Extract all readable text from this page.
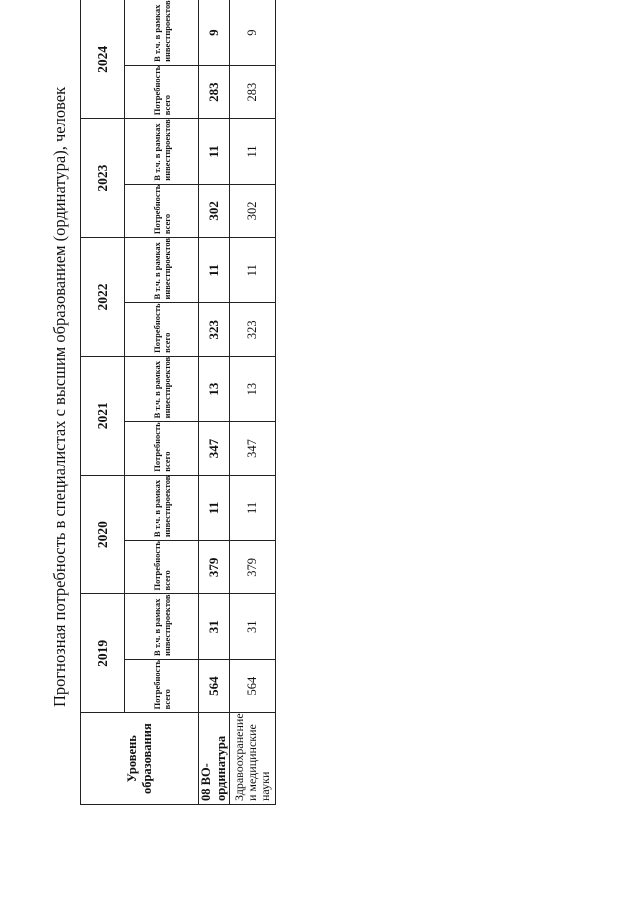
Прогнозная потребность в специалистах с высшим образованием (ординатура), человек
Уровень образования	2019		2020		2021		2022		2023		2024	
	Потребность всего	В т.ч. в рамках инвестпроектов	Потребность всего	В т.ч. в рамках инвестпроектов	Потребность всего	В т.ч. в рамках инвестпроектов	Потребность всего	В т.ч. в рамках инвестпроектов	Потребность всего	В т.ч. в рамках инвестпроектов	Потребность всего	В т.ч. в рамках инвестпроектов		
08 ВО-ординатура	564	31	379	11	347	13	323	11	302	11	283	9		
Здравоохранение и медицинские науки	564	31	379	11	347	13	323	11	302	11	283	9		
